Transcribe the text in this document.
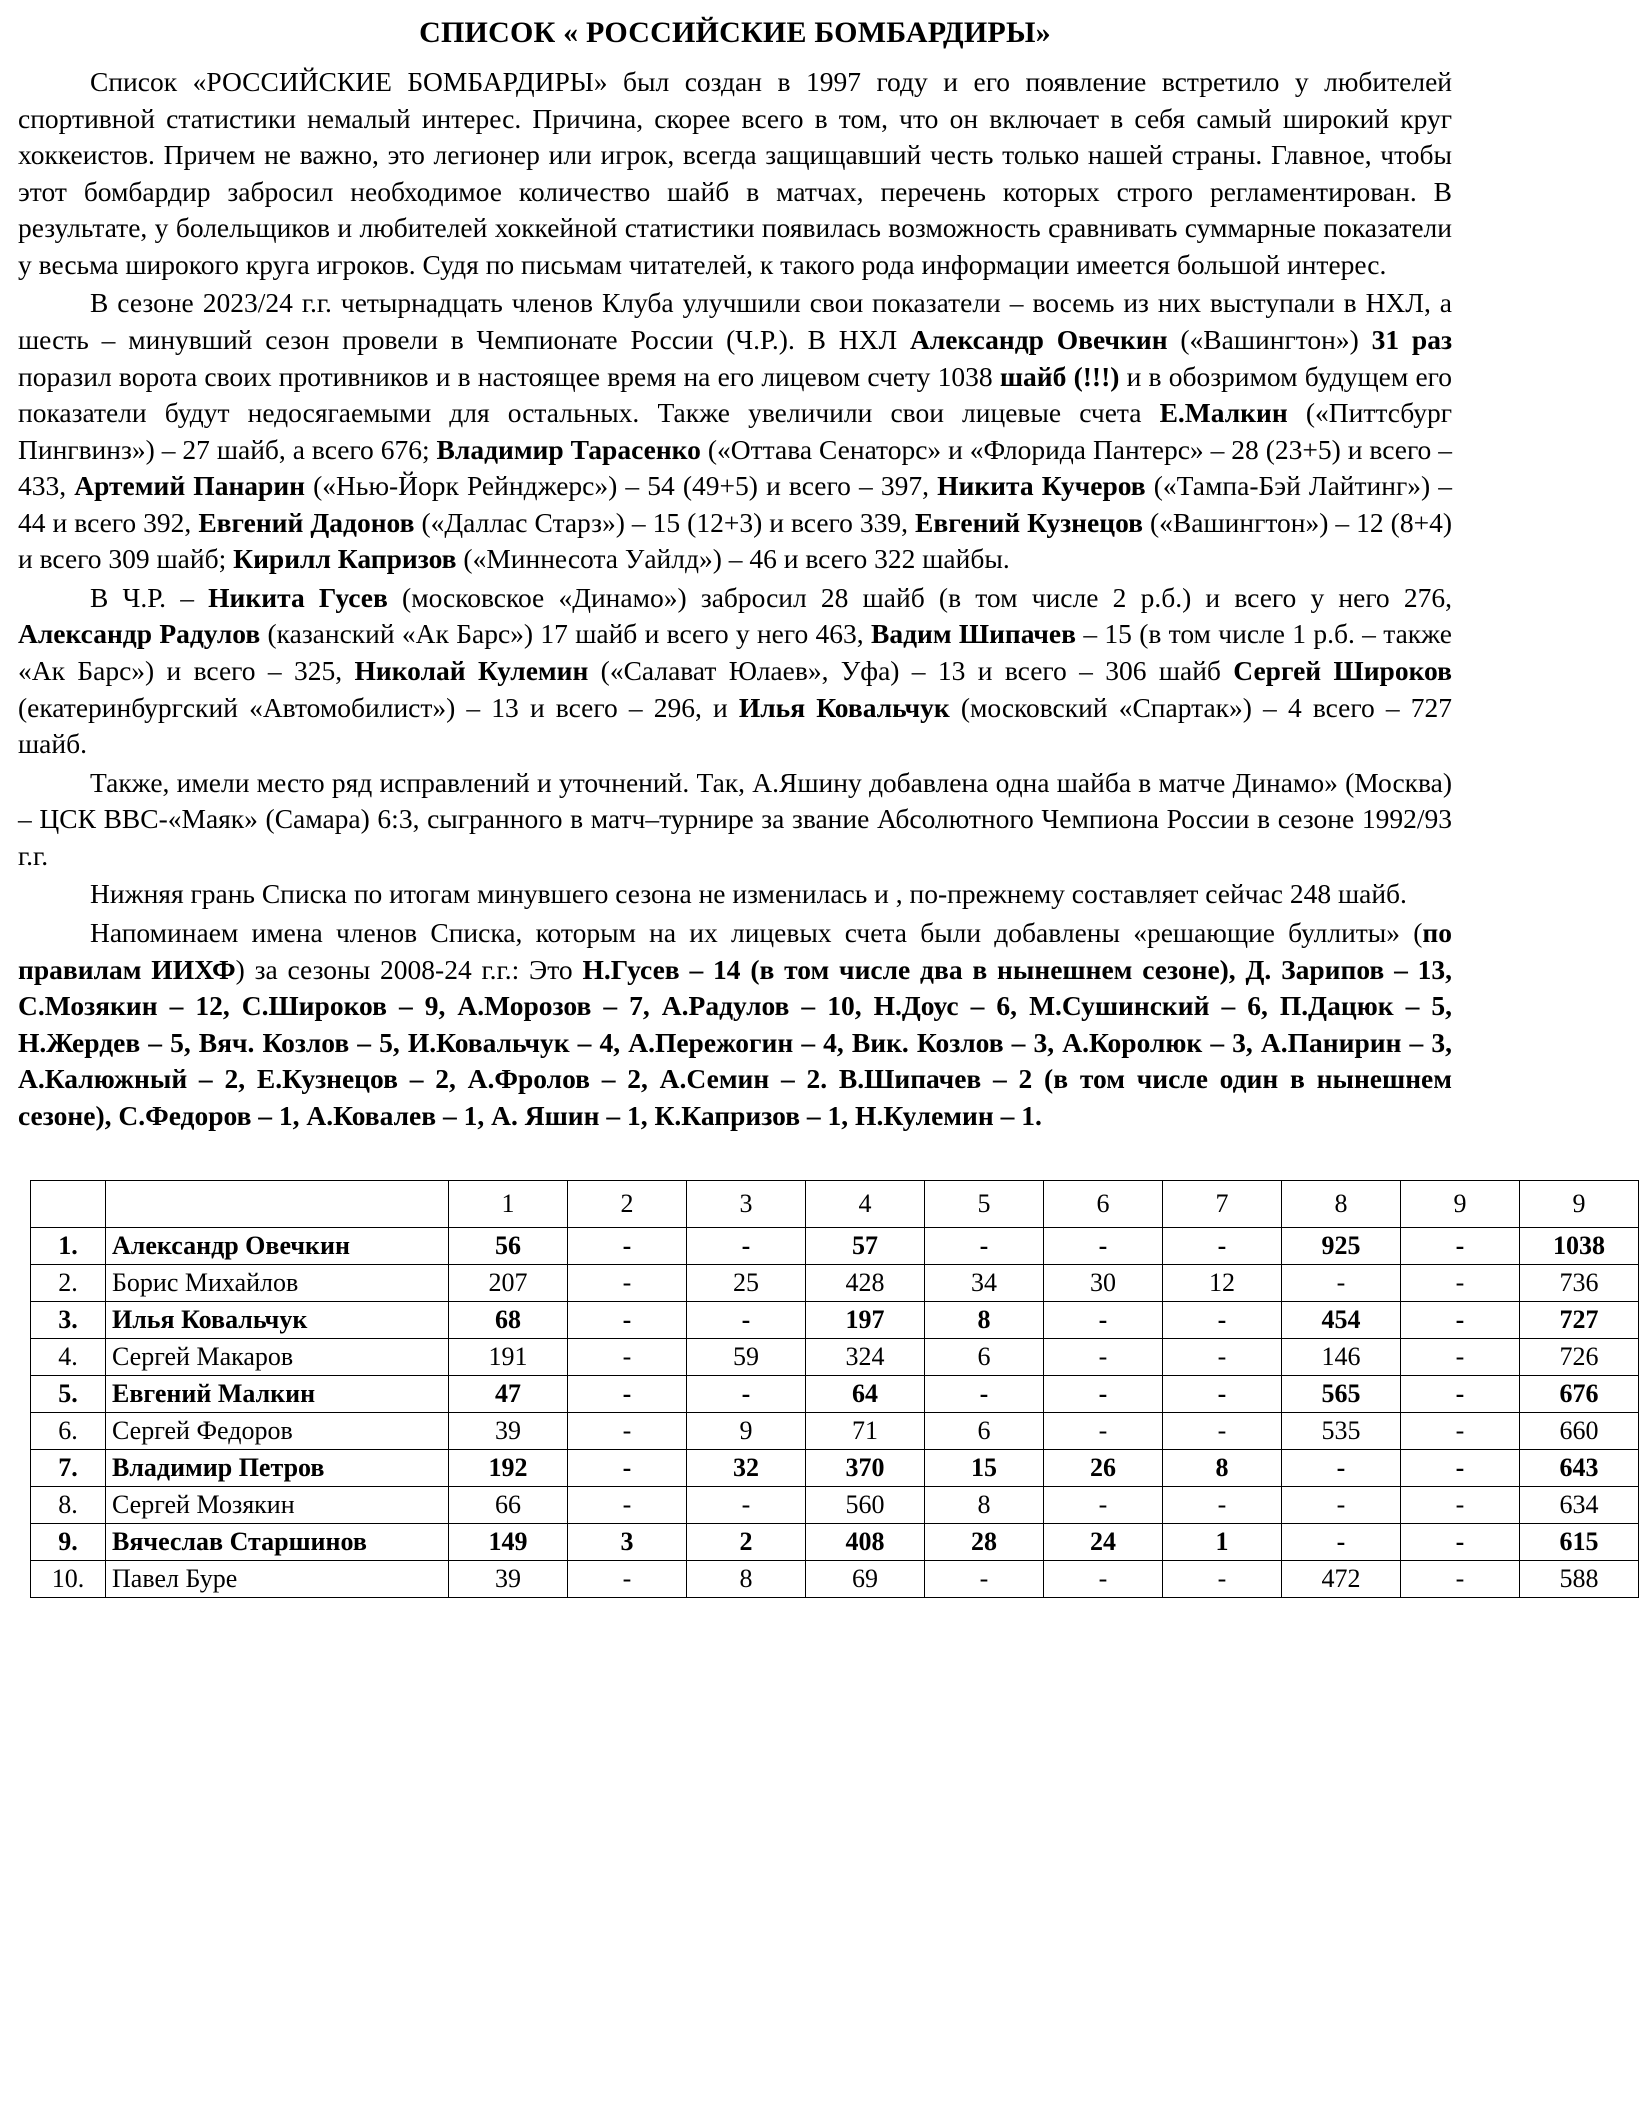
СПИСОК « РОССИЙСКИЕ БОМБАРДИРЫ»

Список «РОССИЙСКИЕ БОМБАРДИРЫ» был создан в 1997 году и его появление встретило у любителей спортивной статистики немалый интерес. Причина, скорее всего в том, что он включает в себя самый широкий круг хоккеистов. Причем не важно, это легионер или игрок, всегда защищавший честь только нашей страны. Главное, чтобы этот бомбардир забросил необходимое количество шайб в матчах, перечень которых строго регламентирован. В результате, у болельщиков и любителей хоккейной статистики появилась возможность сравнивать суммарные показатели у весьма широкого круга игроков. Судя по письмам читателей, к такого рода информации имеется большой интерес.

В сезоне 2023/24 г.г. четырнадцать членов Клуба улучшили свои показатели – восемь из них выступали в НХЛ, а шесть – минувший сезон провели в Чемпионате России (Ч.Р.). В НХЛ Александр Овечкин («Вашингтон») 31 раз поразил ворота своих противников и в настоящее время на его лицевом счету 1038 шайб (!!!) и в обозримом будущем его показатели будут недосягаемыми для остальных. Также увеличили свои лицевые счета Е.Малкин («Питтсбург Пингвинз») – 27 шайб, а всего 676; Владимир Тарасенко («Оттава Сенаторс» и «Флорида Пантерс» – 28 (23+5) и всего – 433, Артемий Панарин («Нью-Йорк Рейнджерс») – 54 (49+5) и всего – 397, Никита Кучеров («Тампа-Бэй Лайтинг») – 44 и всего 392, Евгений Дадонов («Даллас Старз») – 15 (12+3) и всего 339, Евгений Кузнецов («Вашингтон») – 12 (8+4) и всего 309 шайб; Кирилл Капризов («Миннесота Уайлд») – 46 и всего 322 шайбы.

В Ч.Р. – Никита Гусев (московское «Динамо») забросил 28 шайб (в том числе 2 р.б.) и всего у него 276, Александр Радулов (казанский «Ак Барс») 17 шайб и всего у него 463, Вадим Шипачев – 15 (в том числе 1 р.б. – также «Ак Барс») и всего – 325, Николай Кулемин («Салават Юлаев», Уфа) – 13 и всего – 306 шайб Сергей Широков (екатеринбургский «Автомобилист») – 13 и всего – 296, и Илья Ковальчук (московский «Спартак») – 4 всего – 727 шайб.

Также, имели место ряд исправлений и уточнений. Так, А.Яшину добавлена одна шайба в матче Динамо» (Москва) – ЦСК ВВС-«Маяк» (Самара) 6:3, сыгранного в матч–турнире за звание Абсолютного Чемпиона России в сезоне 1992/93 г.г.

Нижняя грань Списка по итогам минувшего сезона не изменилась и , по-прежнему составляет сейчас 248 шайб.

Напоминаем имена членов Списка, которым на их лицевых счета были добавлены «решающие буллиты» (по правилам ИИХФ) за сезоны 2008-24 г.г.: Это Н.Гусев – 14 (в том числе два в нынешнем сезоне), Д. Зарипов – 13, С.Мозякин – 12, С.Широков – 9, А.Морозов – 7, А.Радулов – 10, Н.Доус – 6, М.Сушинский – 6, П.Дацюк – 5, Н.Жердев – 5, Вяч. Козлов – 5, И.Ковальчук – 4, А.Пережогин – 4, Вик. Козлов – 3, А.Королюк – 3, А.Панирин – 3, А.Калюжный – 2, Е.Кузнецов – 2, А.Фролов – 2, А.Семин – 2. В.Шипачев – 2 (в том числе один в нынешнем сезоне), С.Федоров – 1, А.Ковалев – 1, А. Яшин – 1, К.Капризов – 1, Н.Кулемин – 1.

		1	2	3	4	5	6	7	8	9	9
1.	Александр Овечкин	56	-	-	57	-	-	-	925	-	1038
2.	Борис Михайлов	207	-	25	428	34	30	12	-	-	736
3.	Илья Ковальчук	68	-	-	197	8	-	-	454	-	727
4.	Сергей Макаров	191	-	59	324	6	-	-	146	-	726
5.	Евгений Малкин	47	-	-	64	-	-	-	565	-	676
6.	Сергей Федоров	39	-	9	71	6	-	-	535	-	660
7.	Владимир Петров	192	-	32	370	15	26	8	-	-	643
8.	Сергей Мозякин	66	-	-	560	8	-	-	-	-	634
9.	Вячеслав Старшинов	149	3	2	408	28	24	1	-	-	615
10.	Павел Буре	39	-	8	69	-	-	-	472	-	588
